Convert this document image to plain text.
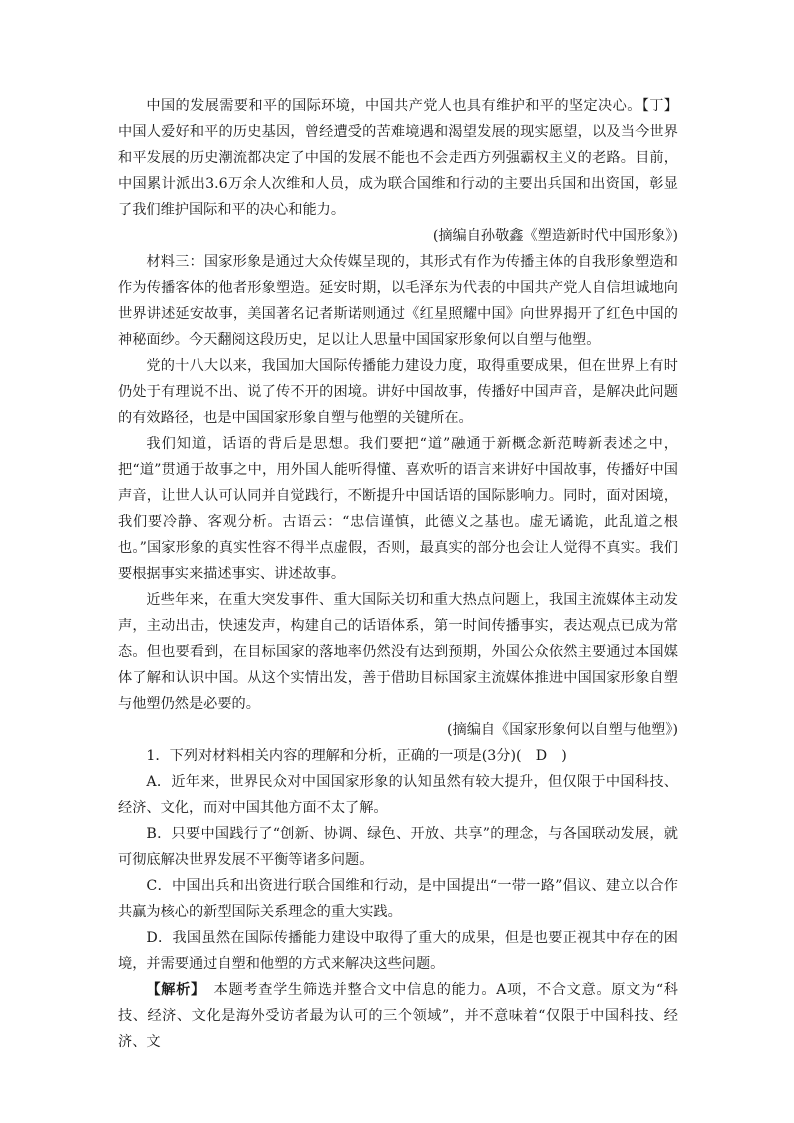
中国的发展需要和平的国际环境，中国共产党人也具有维护和平的坚定决心。【丁】中国人爱好和平的历史基因，曾经遭受的苦难境遇和渴望发展的现实愿望，以及当今世界和平发展的历史潮流都决定了中国的发展不能也不会走西方列强霸权主义的老路。目前，中国累计派出3.6万余人次维和人员，成为联合国维和行动的主要出兵国和出资国，彰显了我们维护国际和平的决心和能力。

(摘编自孙敬鑫《塑造新时代中国形象》)

材料三：国家形象是通过大众传媒呈现的，其形式有作为传播主体的自我形象塑造和作为传播客体的他者形象塑造。延安时期，以毛泽东为代表的中国共产党人自信坦诚地向世界讲述延安故事，美国著名记者斯诺则通过《红星照耀中国》向世界揭开了红色中国的神秘面纱。今天翻阅这段历史，足以让人思量中国国家形象何以自塑与他塑。

党的十八大以来，我国加大国际传播能力建设力度，取得重要成果，但在世界上有时仍处于有理说不出、说了传不开的困境。讲好中国故事，传播好中国声音，是解决此问题的有效路径，也是中国国家形象自塑与他塑的关键所在。

我们知道，话语的背后是思想。我们要把“道”融通于新概念新范畴新表述之中，把“道”贯通于故事之中，用外国人能听得懂、喜欢听的语言来讲好中国故事，传播好中国声音，让世人认可认同并自觉践行，不断提升中国话语的国际影响力。同时，面对困境，我们要冷静、客观分析。古语云：“忠信谨慎，此德义之基也。虚无谲诡，此乱道之根也。”国家形象的真实性容不得半点虚假，否则，最真实的部分也会让人觉得不真实。我们要根据事实来描述事实、讲述故事。

近些年来，在重大突发事件、重大国际关切和重大热点问题上，我国主流媒体主动发声，主动出击，快速发声，构建自己的话语体系，第一时间传播事实，表达观点已成为常态。但也要看到，在目标国家的落地率仍然没有达到预期，外国公众依然主要通过本国媒体了解和认识中国。从这个实情出发，善于借助目标国家主流媒体推进中国国家形象自塑与他塑仍然是必要的。

(摘编自《国家形象何以自塑与他塑》)

1．下列对材料相关内容的理解和分析，正确的一项是(3分)(　D　)

A．近年来，世界民众对中国国家形象的认知虽然有较大提升，但仅限于中国科技、经济、文化，而对中国其他方面不太了解。

B．只要中国践行了“创新、协调、绿色、开放、共享”的理念，与各国联动发展，就可彻底解决世界发展不平衡等诸多问题。

C．中国出兵和出资进行联合国维和行动，是中国提出“一带一路”倡议、建立以合作共赢为核心的新型国际关系理念的重大实践。

D．我国虽然在国际传播能力建设中取得了重大的成果，但是也要正视其中存在的困境，并需要通过自塑和他塑的方式来解决这些问题。

【解析】　本题考查学生筛选并整合文中信息的能力。A项，不合文意。原文为“科技、经济、文化是海外受访者最为认可的三个领域”，并不意味着“仅限于中国科技、经济、文
